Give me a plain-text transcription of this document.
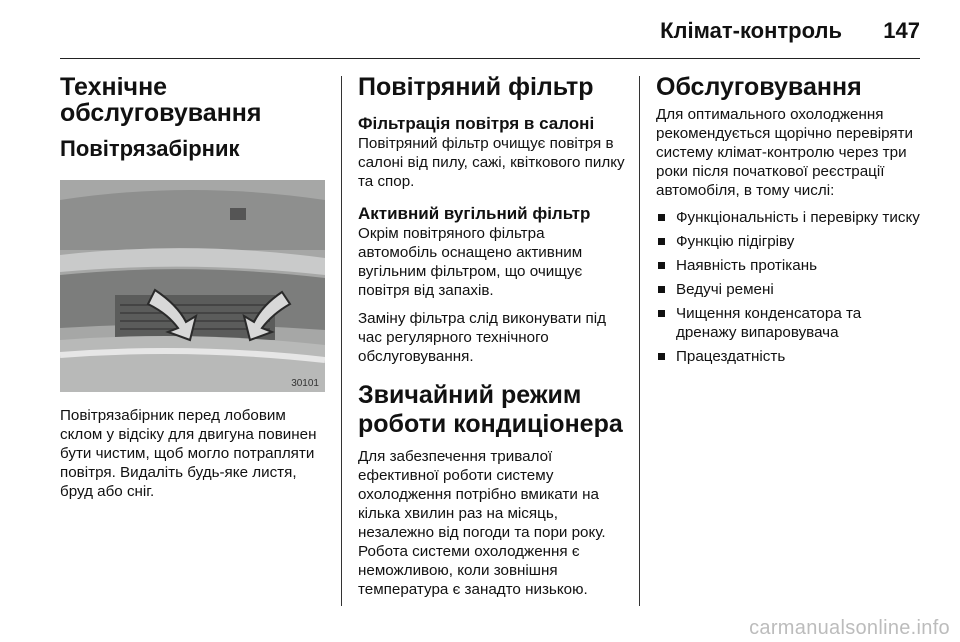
Клімат-контроль 147
Технічне обслуговування
Повітрязабірник
30101

Повітрязабірник перед лобовим склом у відсіку для двигуна повинен бути чистим, щоб могло потрапляти повітря. Видаліть будь-яке листя, бруд або сніг.

Повітряний фільтр
Фільтрація повітря в салоні

Повітряний фільтр очищує повітря в салоні від пилу, сажі, квіткового пилку та спор.

Активний вугільний фільтр

Окрім повітряного фільтра автомобіль оснащено активним вугільним фільтром, що очищує повітря від запахів.

Заміну фільтра слід виконувати під час регулярного технічного обслуговування.

Звичайний режим роботи кондиціонера

Для забезпечення тривалої ефективної роботи систему охолодження потрібно вмикати на кілька хвилин раз на місяць, незалежно від погоди та пори року. Робота системи охолодження є неможливою, коли зовнішня температура є занадто низькою.

Обслуговування

Для оптимального охолодження рекомендується щорічно перевіряти систему клімат-контролю через три роки після початкової реєстрації автомобіля, в тому числі:

Функціональність і перевірку тиску
Функцію підігріву
Наявність протікань
Ведучі ремені
Чищення конденсатора та дренажу випаровувача
Працездатність
carmanualsonline.info
